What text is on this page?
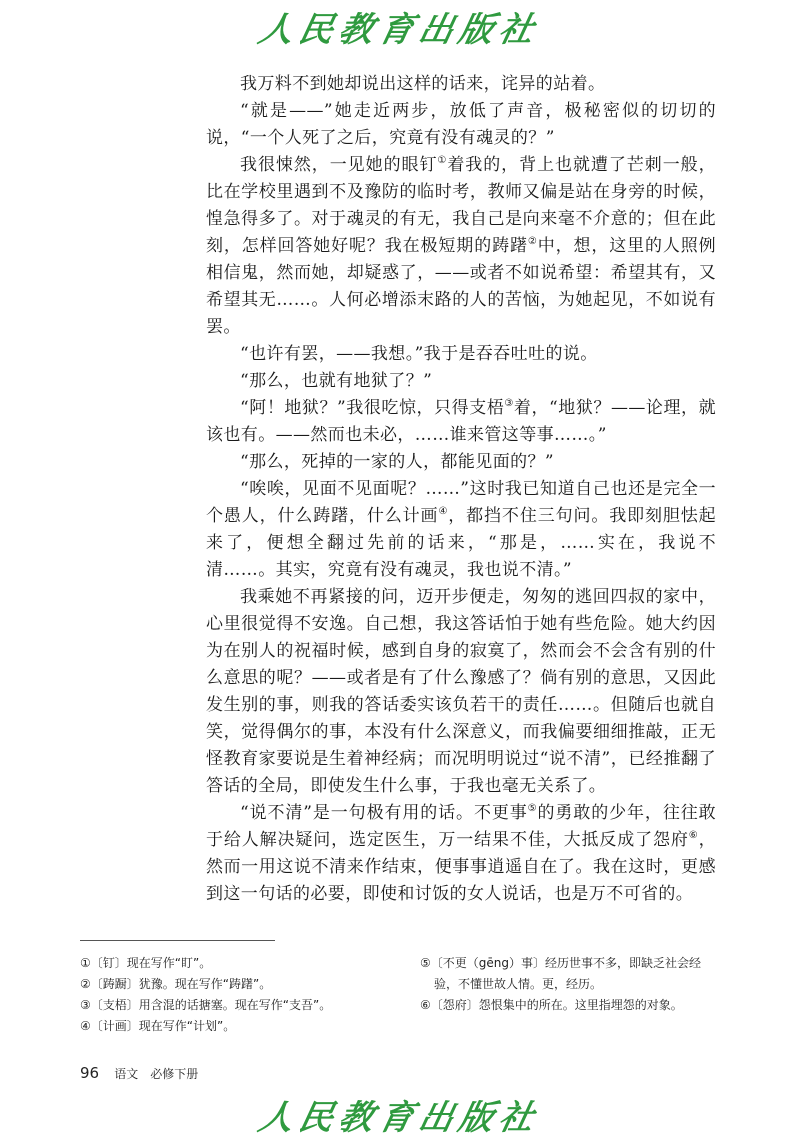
人民教育出版社

我万料不到她却说出这样的话来，诧异的站着。

“就是——”她走近两步，放低了声音，极秘密似的切切的说，“一个人死了之后，究竟有没有魂灵的？”

我很悚然，一见她的眼钉①着我的，背上也就遭了芒刺一般，比在学校里遇到不及豫防的临时考，教师又偏是站在身旁的时候，惶急得多了。对于魂灵的有无，我自己是向来毫不介意的；但在此刻，怎样回答她好呢？我在极短期的踌躇②中，想，这里的人照例相信鬼，然而她，却疑惑了，——或者不如说希望：希望其有，又希望其无……。人何必增添末路的人的苦恼，为她起见，不如说有罢。

“也许有罢，——我想。”我于是吞吞吐吐的说。

“那么，也就有地狱了？”

“阿！地狱？”我很吃惊，只得支梧③着，“地狱？——论理，就该也有。——然而也未必，……谁来管这等事……。”

“那么，死掉的一家的人，都能见面的？”

“唉唉，见面不见面呢？……”这时我已知道自己也还是完全一个愚人，什么踌躇，什么计画④，都挡不住三句问。我即刻胆怯起来了，便想全翻过先前的话来，“那是，……实在，我说不清……。其实，究竟有没有魂灵，我也说不清。”

我乘她不再紧接的问，迈开步便走，匆匆的逃回四叔的家中，心里很觉得不安逸。自己想，我这答话怕于她有些危险。她大约因为在别人的祝福时候，感到自身的寂寞了，然而会不会含有别的什么意思的呢？——或者是有了什么豫感了？倘有别的意思，又因此发生别的事，则我的答话委实该负若干的责任……。但随后也就自笑，觉得偶尔的事，本没有什么深意义，而我偏要细细推敲，正无怪教育家要说是生着神经病；而况明明说过“说不清”，已经推翻了答话的全局，即使发生什么事，于我也毫无关系了。

“说不清”是一句极有用的话。不更事⑤的勇敢的少年，往往敢于给人解决疑问，选定医生，万一结果不佳，大抵反成了怨府⑥，然而一用这说不清来作结束，便事事逍遥自在了。我在这时，更感到这一句话的必要，即使和讨饭的女人说话，也是万不可省的。

①〔钉〕现在写作“盯”。
②〔踌蹰〕犹豫。现在写作“踌躇”。
③〔支梧〕用含混的话搪塞。现在写作“支吾”。
④〔计画〕现在写作“计划”。
⑤〔不更（gēng）事〕经历世事不多，即缺乏社会经验，不懂世故人情。更，经历。
⑥〔怨府〕怨恨集中的所在。这里指埋怨的对象。
96 语文　必修下册
人民教育出版社
